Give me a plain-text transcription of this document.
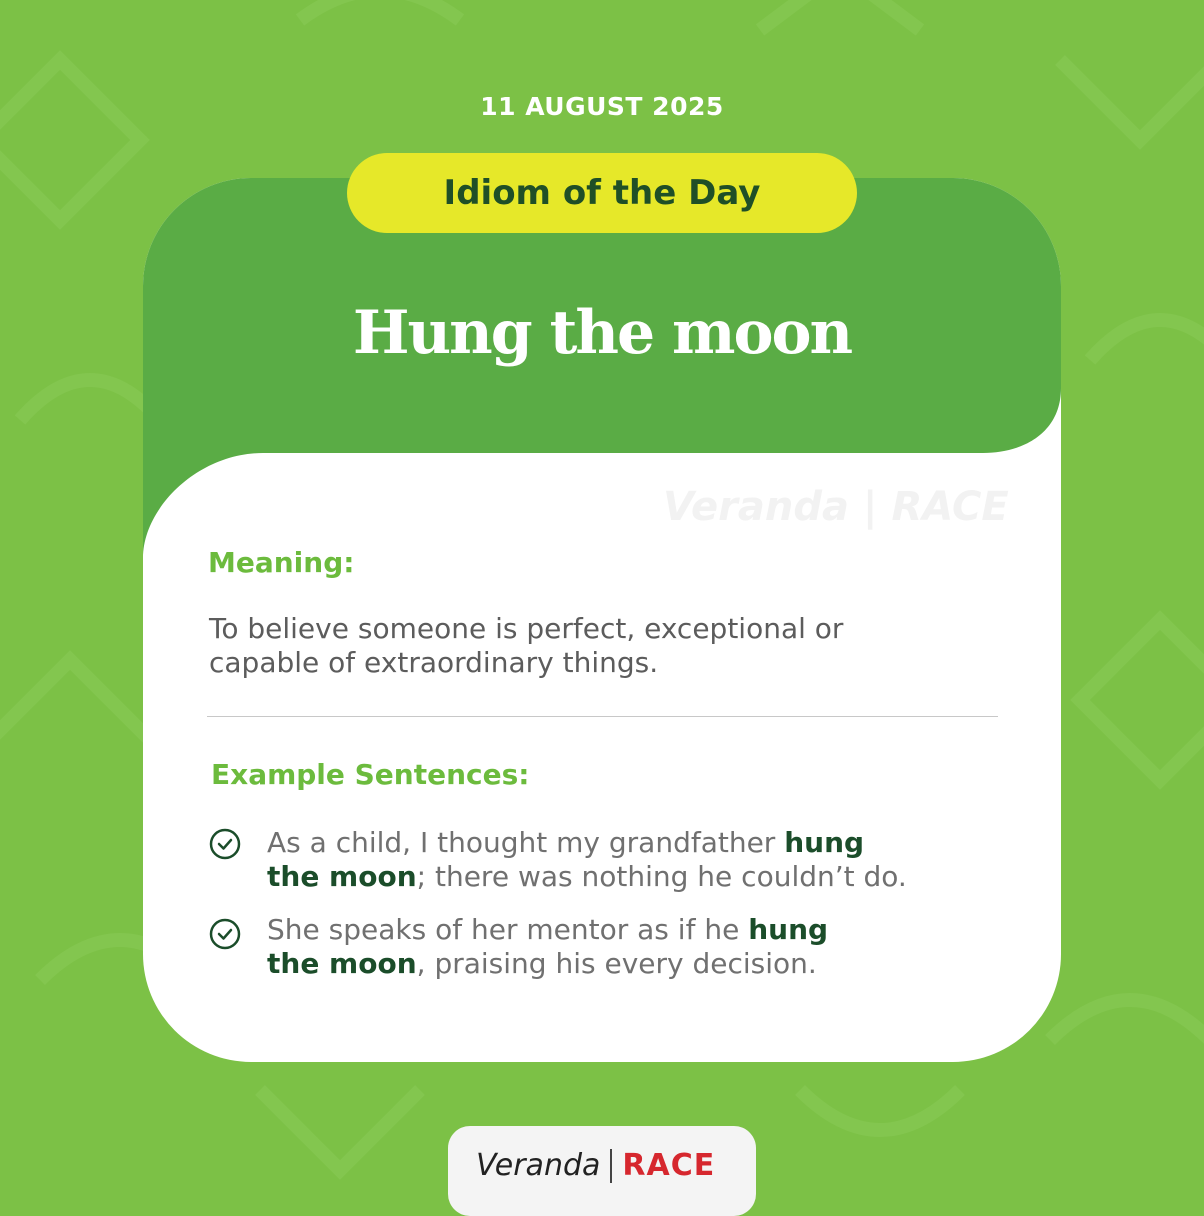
11 AUGUST 2025
Veranda | RACE
Idiom of the Day
Hung the moon
Meaning:
To believe someone is perfect, exceptional or
capable of extraordinary things.
Example Sentences:
As a child, I thought my grandfather hung
the moon; there was nothing he couldn’t do.
She speaks of her mentor as if he hung
the moon, praising his every decision.
Veranda RACE
